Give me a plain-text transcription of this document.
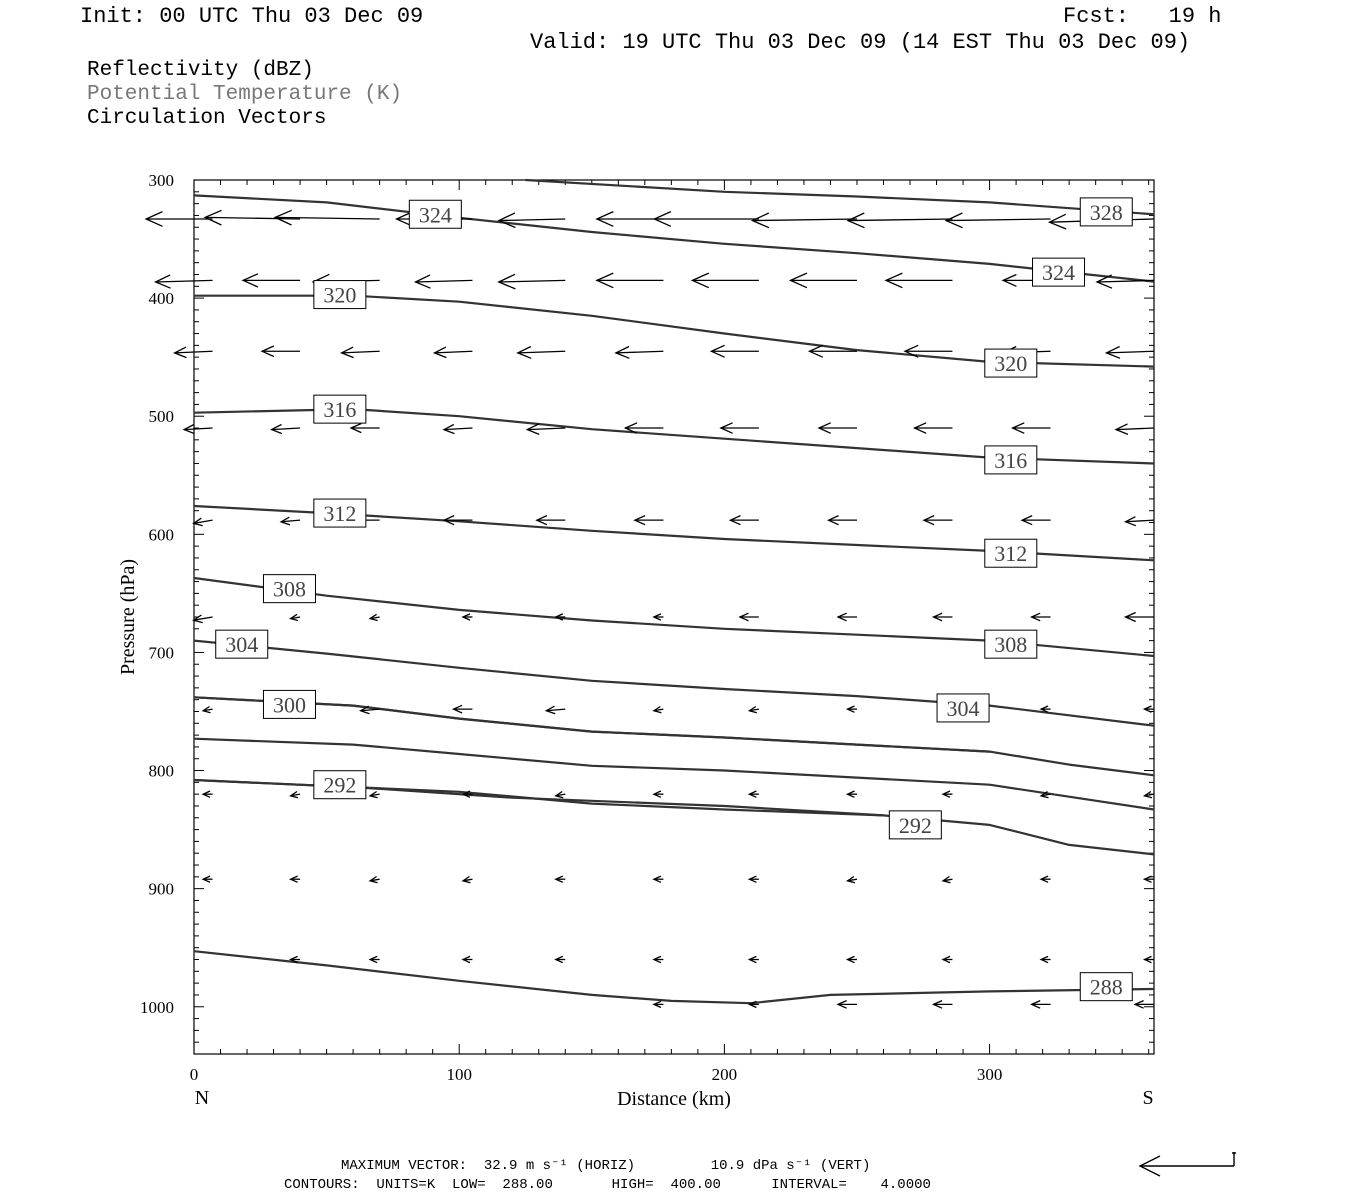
Init: 00 UTC Thu 03 Dec 09	Fcst:   19 h
Valid: 19 UTC Thu 03 Dec 09 (14 EST Thu 03 Dec 09)
Reflectivity (dBZ)
Potential Temperature (K)
Circulation Vectors
324	328
324
320
320
316
316
312
312
308
304	308
300	304
292
292
288
0	100	200	300
300
400
500
600
700
800
900
1000
Distance (km)
Pressure (hPa)
N	S
MAXIMUM VECTOR:  32.9 m s⁻¹ (HORIZ)         10.9 dPa s⁻¹ (VERT)
CONTOURS:  UNITS=K  LOW=  288.00       HIGH=  400.00      INTERVAL=    4.0000
